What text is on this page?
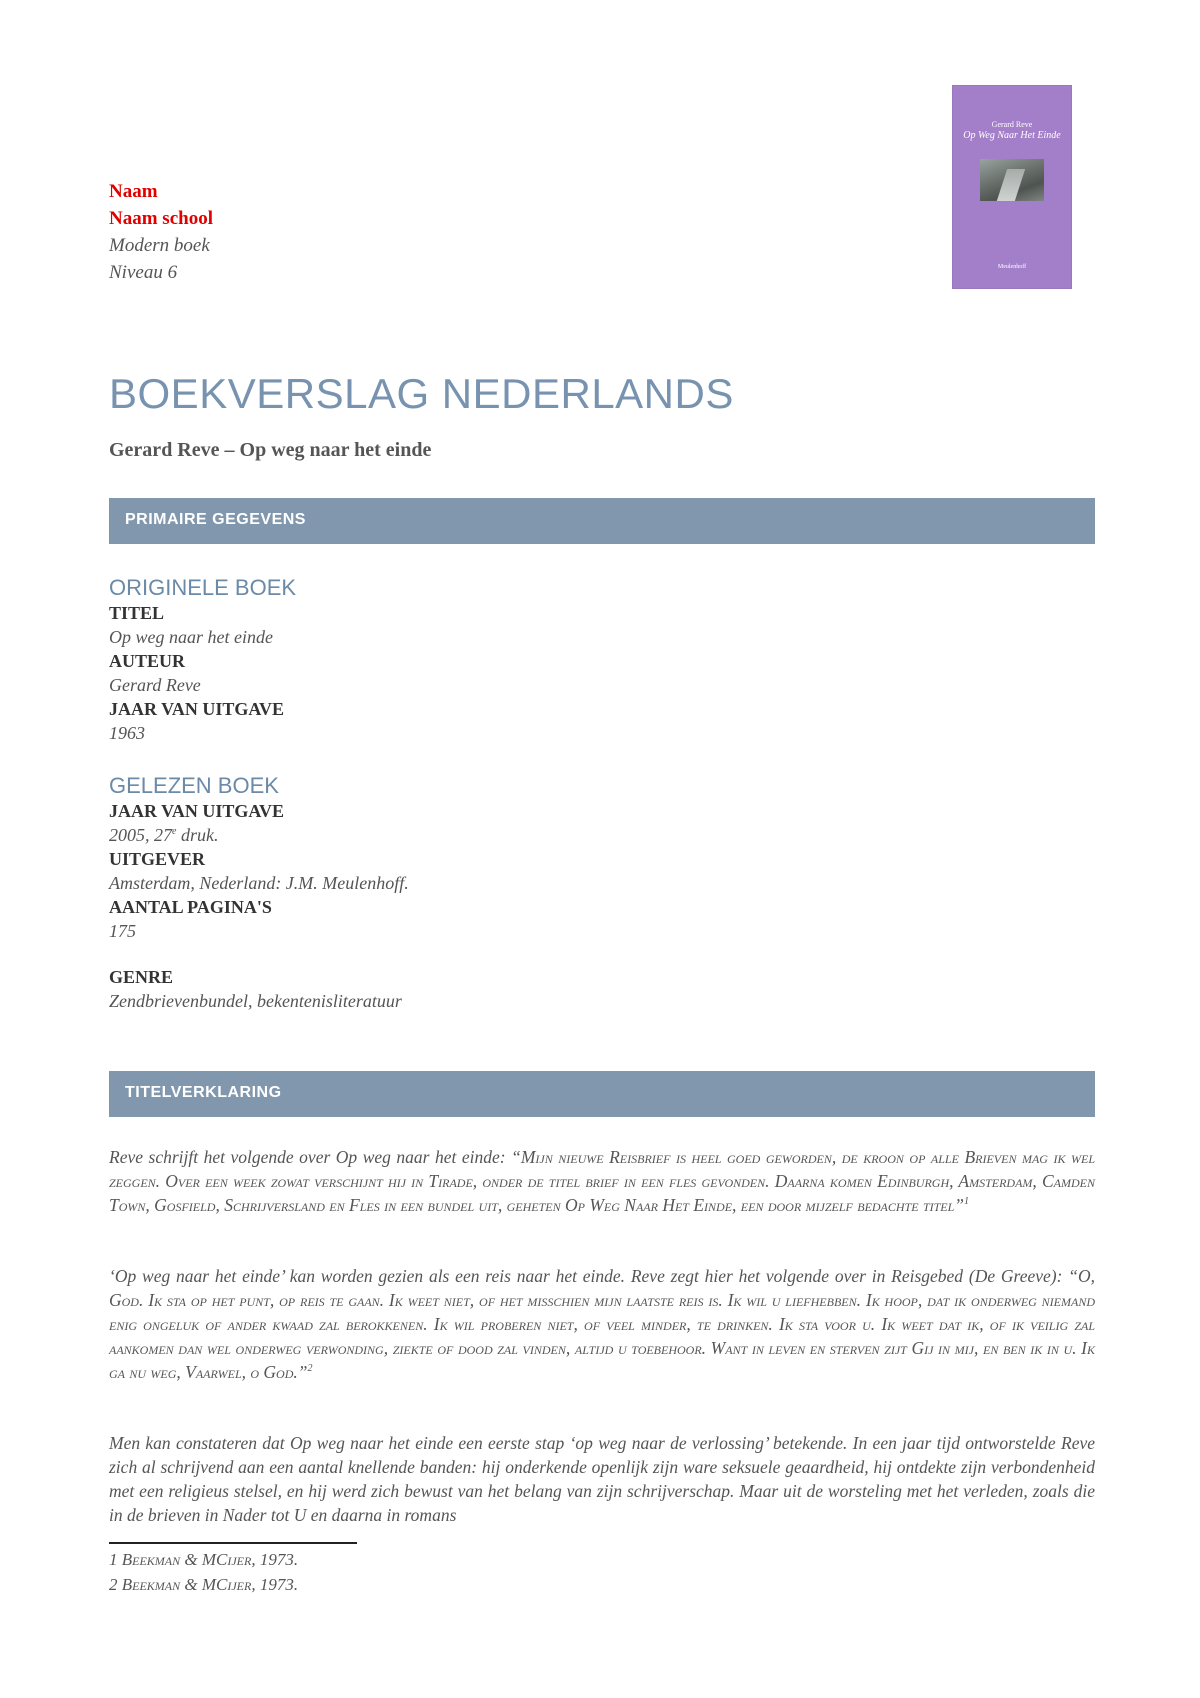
Naam
Naam school
Modern boek
Niveau 6
Gerard Reve
Op Weg Naar Het Einde
Meulenhoff
BOEKVERSLAG NEDERLANDS
Gerard Reve – Op weg naar het einde
PRIMAIRE GEGEVENS
ORIGINELE BOEK
TITEL
Op weg naar het einde
AUTEUR
Gerard Reve
JAAR VAN UITGAVE
1963
GELEZEN BOEK
JAAR VAN UITGAVE
2005, 27e druk.
UITGEVER
Amsterdam, Nederland: J.M. Meulenhoff.
AANTAL PAGINA'S
175
GENRE
Zendbrievenbundel, bekentenisliteratuur
TITELVERKLARING

Reve schrijft het volgende over Op weg naar het einde: “Mijn nieuwe Reisbrief is heel goed geworden, de kroon op alle Brieven mag ik wel zeggen. Over een week zowat verschijnt hij in Tirade, onder de titel brief in een fles gevonden. Daarna komen Edinburgh, Amsterdam, Camden Town, Gosfield, Schrijversland en Fles in een bundel uit, geheten Op Weg Naar Het Einde, een door mijzelf bedachte titel”$^1$

‘Op weg naar het einde’ kan worden gezien als een reis naar het einde. Reve zegt hier het volgende over in Reisgebed (De Greeve): “O, God. Ik sta op het punt, op reis te gaan. Ik weet niet, of het misschien mijn laatste reis is. Ik wil u liefhebben. Ik hoop, dat ik onderweg niemand enig ongeluk of ander kwaad zal berokkenen. Ik wil proberen niet, of veel minder, te drinken. Ik sta voor u. Ik weet dat ik, of ik veilig zal aankomen dan wel onderweg verwonding, ziekte of dood zal vinden, altijd u toebehoor. Want in leven en sterven zijt Gij in mij, en ben ik in u. Ik ga nu weg, Vaarwel, o God.”$^2$

Men kan constateren dat Op weg naar het einde een eerste stap ‘op weg naar de verlossing’ betekende. In een jaar tijd ontworstelde Reve zich al schrijvend aan een aantal knellende banden: hij onderkende openlijk zijn ware seksuele geaardheid, hij ontdekte zijn verbondenheid met een religieus stelsel, en hij werd zich bewust van het belang van zijn schrijverschap. Maar uit de worsteling met het verleden, zoals die in de brieven in Nader tot U en daarna in romans

1 Beekman & MCijer, 1973.
2 Beekman & MCijer, 1973.
